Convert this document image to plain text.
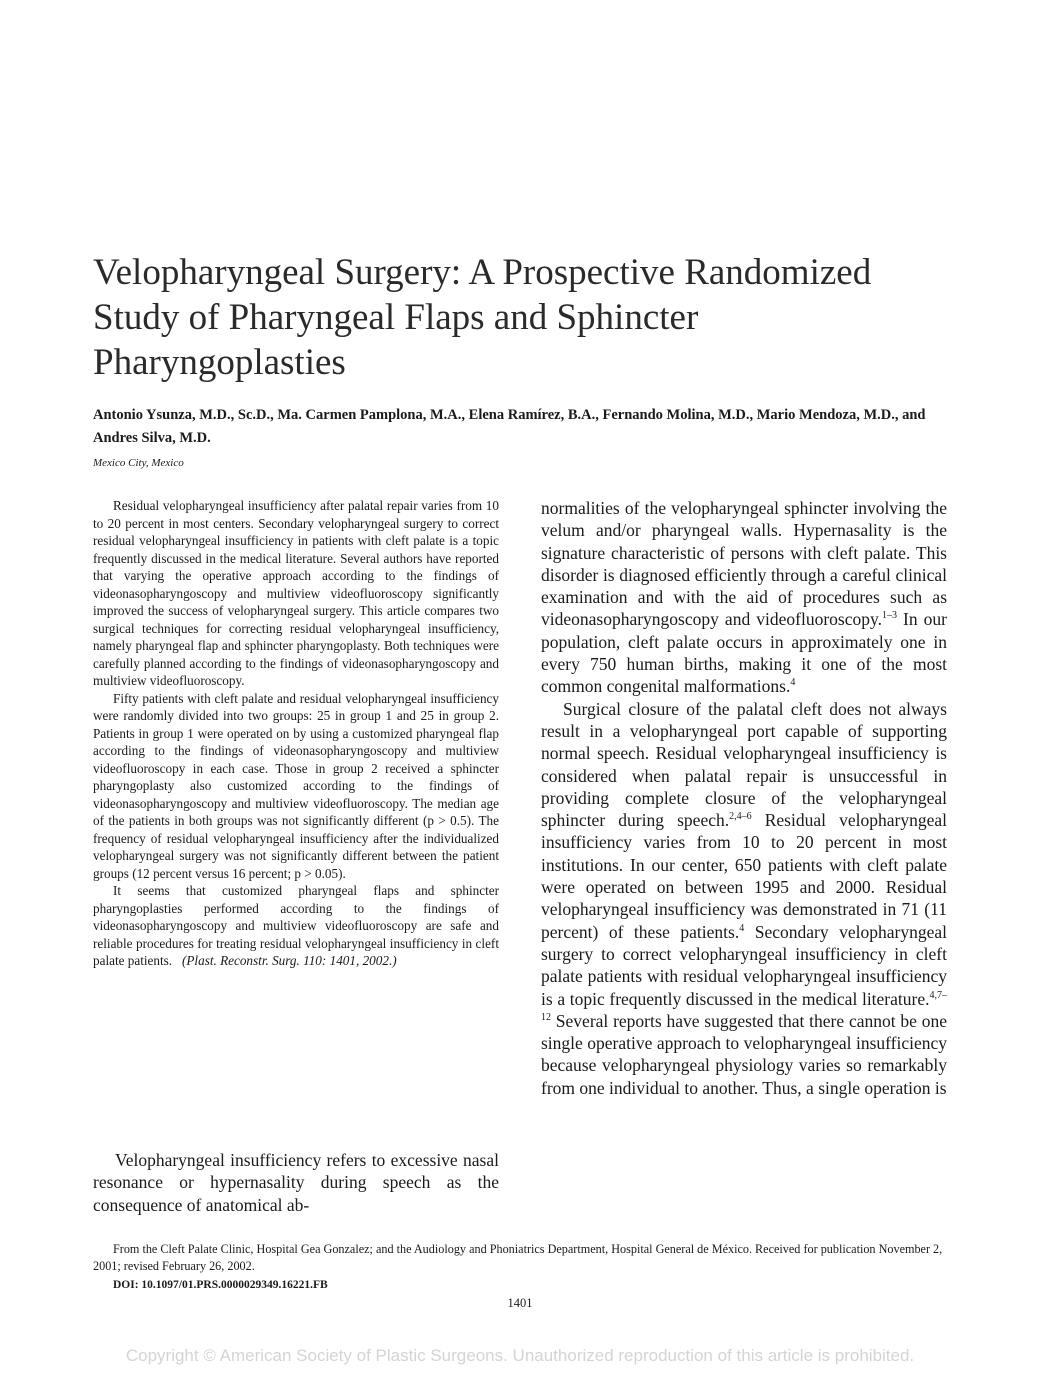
Velopharyngeal Surgery: A Prospective Randomized Study of Pharyngeal Flaps and Sphincter Pharyngoplasties
Antonio Ysunza, M.D., Sc.D., Ma. Carmen Pamplona, M.A., Elena Ramírez, B.A., Fernando Molina, M.D., Mario Mendoza, M.D., and Andres Silva, M.D.
Mexico City, Mexico

Residual velopharyngeal insufficiency after palatal repair varies from 10 to 20 percent in most centers. Secondary velopharyngeal surgery to correct residual velopharyngeal insufficiency in patients with cleft palate is a topic frequently discussed in the medical literature. Several authors have reported that varying the operative approach according to the findings of videonasopharyngoscopy and multiview videofluoroscopy significantly improved the success of velopharyngeal surgery. This article compares two surgical techniques for correcting residual velopharyngeal insufficiency, namely pharyngeal flap and sphincter pharyngoplasty. Both techniques were carefully planned according to the findings of videonasopharyngoscopy and multiview videofluoroscopy.

Fifty patients with cleft palate and residual velopharyngeal insufficiency were randomly divided into two groups: 25 in group 1 and 25 in group 2. Patients in group 1 were operated on by using a customized pharyngeal flap according to the findings of videonasopharyngoscopy and multiview videofluoroscopy in each case. Those in group 2 received a sphincter pharyngoplasty also customized according to the findings of videonasopharyngoscopy and multiview videofluoroscopy. The median age of the patients in both groups was not significantly different (p > 0.5). The frequency of residual velopharyngeal insufficiency after the individualized velopharyngeal surgery was not significantly different between the patient groups (12 percent versus 16 percent; p > 0.05).

It seems that customized pharyngeal flaps and sphincter pharyngoplasties performed according to the findings of videonasopharyngoscopy and multiview videofluoroscopy are safe and reliable procedures for treating residual velopharyngeal insufficiency in cleft palate patients. (Plast. Reconstr. Surg. 110: 1401, 2002.)

Velopharyngeal insufficiency refers to excessive nasal resonance or hypernasality during speech as the consequence of anatomical ab-

normalities of the velopharyngeal sphincter involving the velum and/or pharyngeal walls. Hypernasality is the signature characteristic of persons with cleft palate. This disorder is diagnosed efficiently through a careful clinical examination and with the aid of procedures such as videonasopharyngoscopy and videofluoroscopy.$^{1-3}$ In our population, cleft palate occurs in approximately one in every 750 human births, making it one of the most common congenital malformations.$^4$

Surgical closure of the palatal cleft does not always result in a velopharyngeal port capable of supporting normal speech. Residual velopharyngeal insufficiency is considered when palatal repair is unsuccessful in providing complete closure of the velopharyngeal sphincter during speech.$^{2,4-6}$ Residual velopharyngeal insufficiency varies from 10 to 20 percent in most institutions. In our center, 650 patients with cleft palate were operated on between 1995 and 2000. Residual velopharyngeal insufficiency was demonstrated in 71 (11 percent) of these patients.$^4$ Secondary velopharyngeal surgery to correct velopharyngeal insufficiency in cleft palate patients with residual velopharyngeal insufficiency is a topic frequently discussed in the medical literature.$^{4,7-12}$ Several reports have suggested that there cannot be one single operative approach to velopharyngeal insufficiency because velopharyngeal physiology varies so remarkably from one individual to another. Thus, a single operation is

From the Cleft Palate Clinic, Hospital Gea Gonzalez; and the Audiology and Phoniatrics Department, Hospital General de México. Received for publication November 2, 2001; revised February 26, 2002.

DOI: 10.1097/01.PRS.0000029349.16221.FB
1401
Copyright © American Society of Plastic Surgeons. Unauthorized reproduction of this article is prohibited.
